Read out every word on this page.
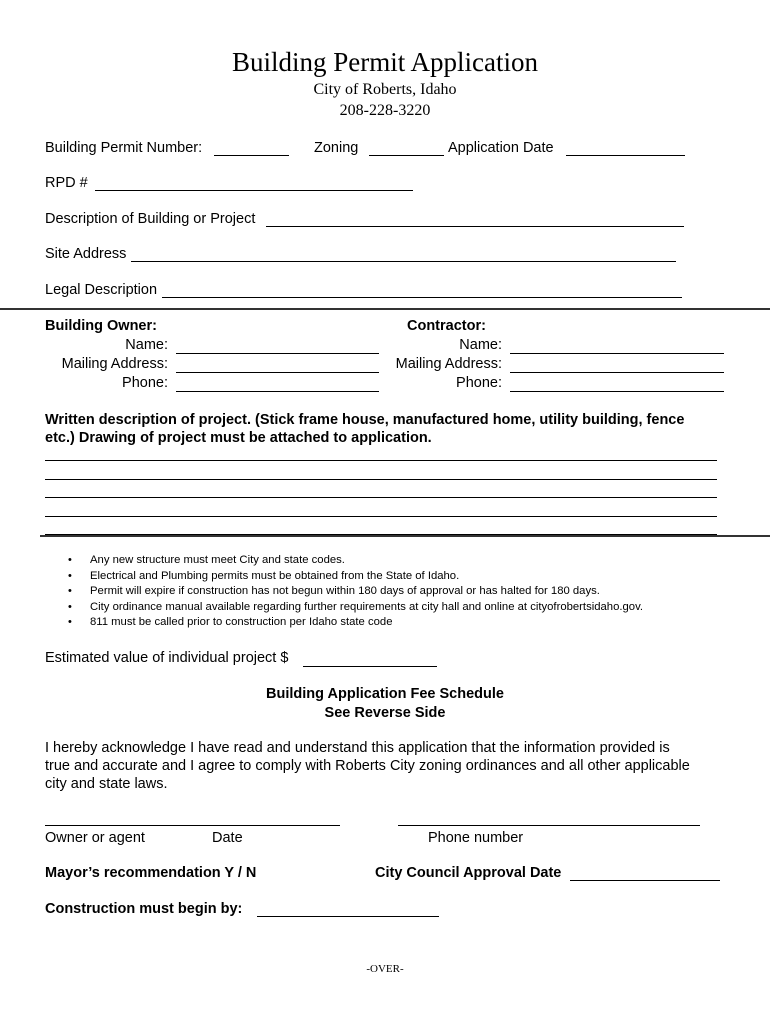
Building Permit Application
City of Roberts, Idaho
208-228-3220
Building Permit Number:	Zoning	Application Date
RPD #
Description of Building or Project
Site Address
Legal Description
Building Owner:
Name:
Mailing Address:
Phone:
Contractor:
Name:
Mailing Address:
Phone:
Written description of project. (Stick frame house, manufactured home, utility building, fence
etc.) Drawing of project must be attached to application.
• Any new structure must meet City and state codes.
• Electrical and Plumbing permits must be obtained from the State of Idaho.
• Permit will expire if construction has not begun within 180 days of approval or has halted for 180 days.
• City ordinance manual available regarding further requirements at city hall and online at cityofrobertsidaho.gov.
• 811 must be called prior to construction per Idaho state code
Estimated value of individual project $
Building Application Fee Schedule
See Reverse Side
I hereby acknowledge I have read and understand this application that the information provided is
true and accurate and I agree to comply with Roberts City zoning ordinances and all other applicable
city and state laws.
Owner or agent	Date	Phone number
Mayor’s recommendation Y / N	City Council Approval Date
Construction must begin by:
-OVER-
